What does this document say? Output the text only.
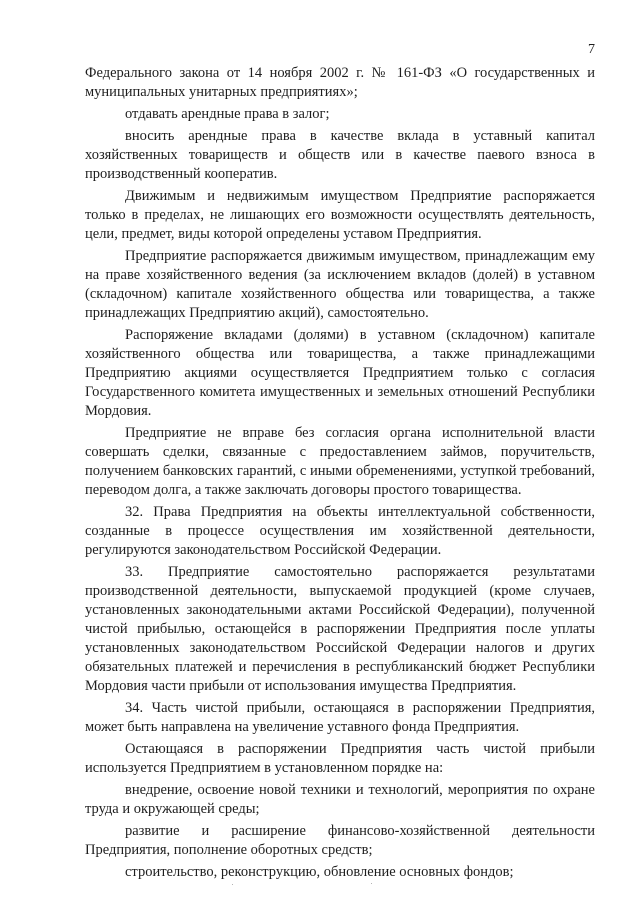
7

Федерального закона от 14 ноября 2002 г. № 161-ФЗ «О государственных и муниципальных унитарных предприятиях»;

отдавать арендные права в залог;

вносить арендные права в качестве вклада в уставный капитал хозяйственных товариществ и обществ или в качестве паевого взноса в производственный кооператив.

Движимым и недвижимым имуществом Предприятие распоряжается только в пределах, не лишающих его возможности осуществлять деятельность, цели, предмет, виды которой определены уставом Предприятия.

Предприятие распоряжается движимым имуществом, принадлежащим ему на праве хозяйственного ведения (за исключением вкладов (долей) в уставном (складочном) капитале хозяйственного общества или товарищества, а также принадлежащих Предприятию акций), самостоятельно.

Распоряжение вкладами (долями) в уставном (складочном) капитале хозяйственного общества или товарищества, а также принадлежащими Предприятию акциями осуществляется Предприятием только с согласия Государственного комитета имущественных и земельных отношений Республики Мордовия.

Предприятие не вправе без согласия органа исполнительной власти совершать сделки, связанные с предоставлением займов, поручительств, получением банковских гарантий, с иными обременениями, уступкой требований, переводом долга, а также заключать договоры простого товарищества.

32. Права Предприятия на объекты интеллектуальной собственности, созданные в процессе осуществления им хозяйственной деятельности, регулируются законодательством Российской Федерации.

33. Предприятие самостоятельно распоряжается результатами производственной деятельности, выпускаемой продукцией (кроме случаев, установленных законодательными актами Российской Федерации), полученной чистой прибылью, остающейся в распоряжении Предприятия после уплаты установленных законодательством Российской Федерации налогов и других обязательных платежей и перечисления в республиканский бюджет Республики Мордовия части прибыли от использования имущества Предприятия.

34. Часть чистой прибыли, остающаяся в распоряжении Предприятия, может быть направлена на увеличение уставного фонда Предприятия.

Остающаяся в распоряжении Предприятия часть чистой прибыли используется Предприятием в установленном порядке на:

внедрение, освоение новой техники и технологий, мероприятия по охране труда и окружающей среды;

развитие и расширение финансово-хозяйственной деятельности Предприятия, пополнение оборотных средств;

строительство, реконструкцию, обновление основных фондов;
